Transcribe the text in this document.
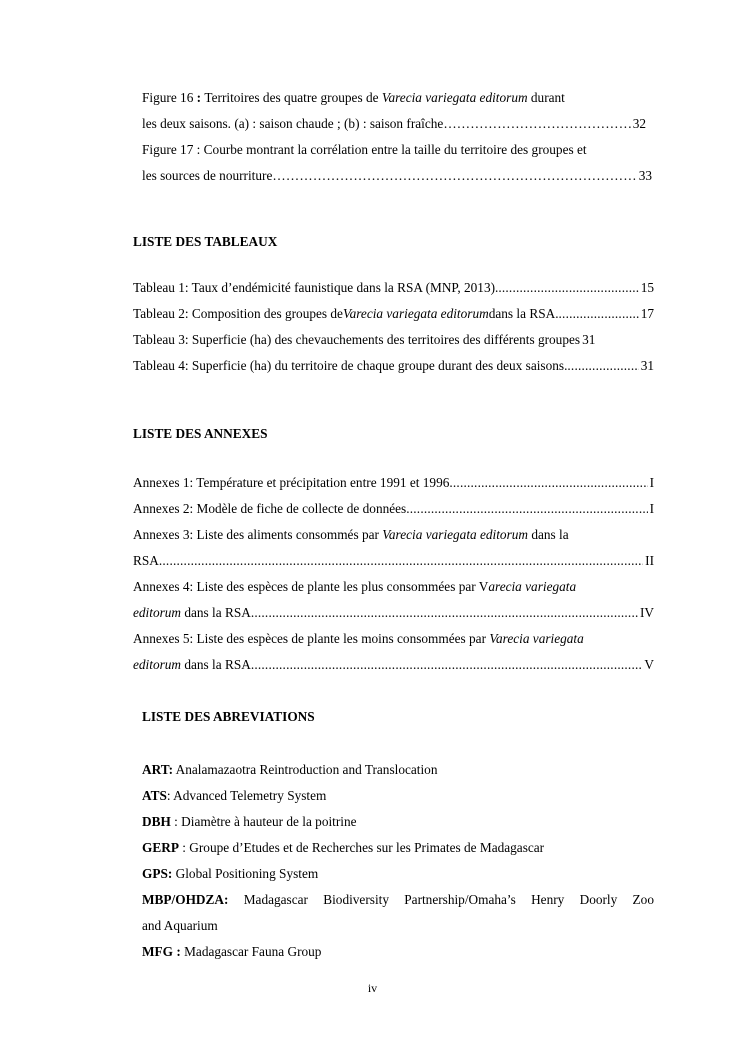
Figure 16 : Territoires des quatre groupes de Varecia variegata editorum durant
les deux saisons. (a) : saison chaude ; (b) : saison fraîche ……………………………………………………………………………………………………………………………………	32
Figure 17 : Courbe montrant la corrélation entre la taille du territoire des groupes et
les sources de nourriture ……………………………………………………………………………………………………………………………………	33
LISTE DES TABLEAUX
Tableau 1: Taux d’endémicité faunistique dans la RSA (MNP, 2013). .....	15
Tableau 2: Composition des groupes de Varecia variegata editorum dans la RSA. .....	17
Tableau 3: Superficie (ha) des chevauchements des territoires des différents groupes 31
Tableau 4: Superficie (ha) du territoire de chaque groupe durant des deux saisons. .....	31
LISTE DES ANNEXES
Annexes 1: Température et précipitation entre 1991 et 1996 .....	I
Annexes 2: Modèle de fiche de collecte de données .....	I
Annexes 3: Liste des aliments consommés par Varecia variegata editorum dans la
RSA .....	II
Annexes 4: Liste des espèces de plante les plus consommées par Varecia variegata
editorum dans la RSA .....	IV
Annexes 5: Liste des espèces de plante les moins consommées par Varecia variegata
editorum dans la RSA .....	V
LISTE DES ABREVIATIONS
ART: Analamazaotra Reintroduction and Translocation
ATS: Advanced Telemetry System
DBH : Diamètre à hauteur de la poitrine
GERP : Groupe d’Etudes et de Recherches sur les Primates de Madagascar
GPS: Global Positioning System
MBP/OHDZA: Madagascar Biodiversity Partnership/Omaha’s Henry Doorly Zoo
and Aquarium
MFG : Madagascar Fauna Group
iv
